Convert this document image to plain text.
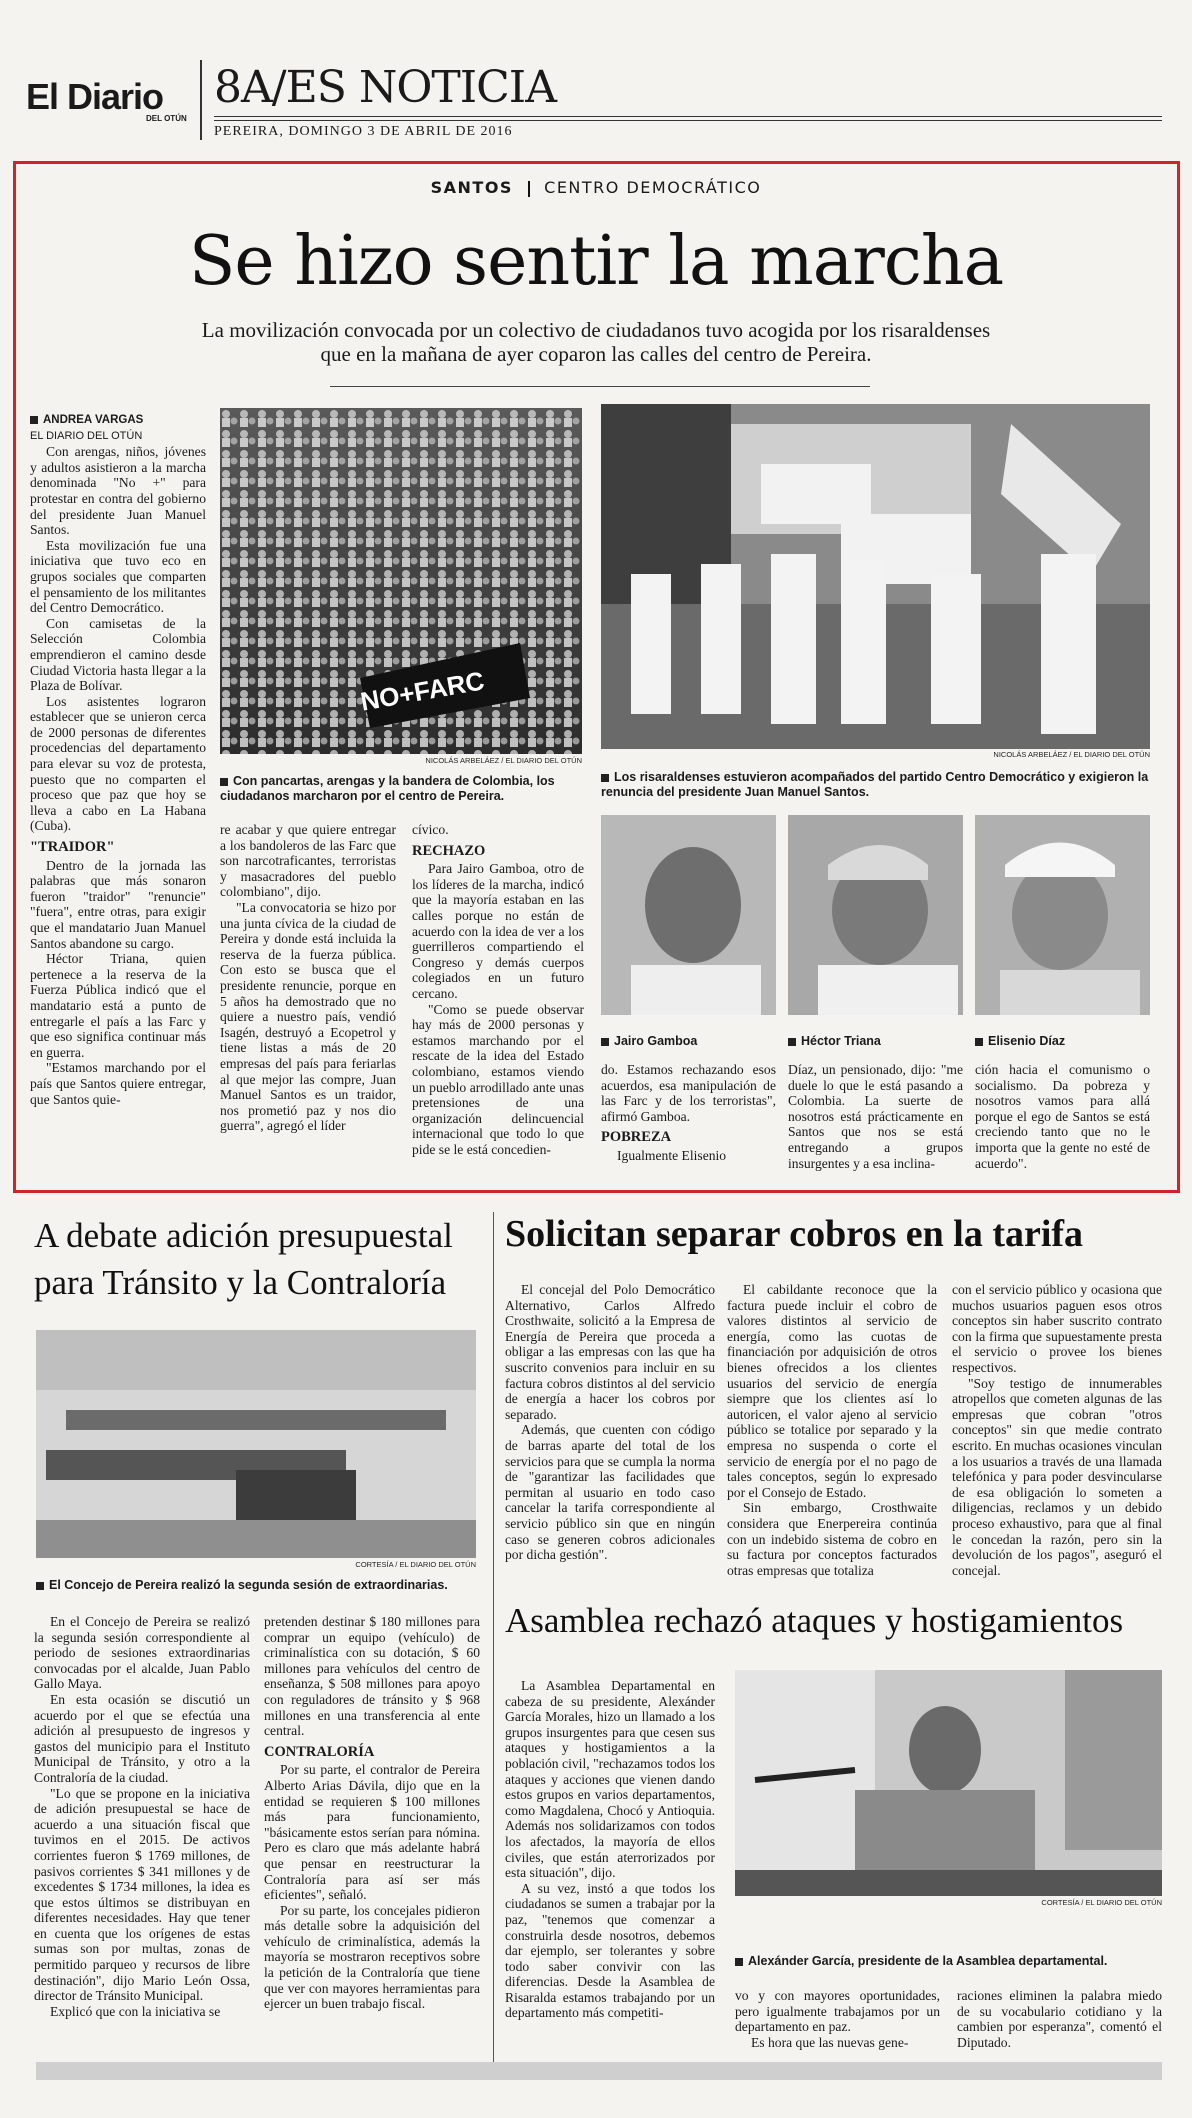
El Diario
DEL OTÚN
8A/ES NOTICIA
PEREIRA, DOMINGO 3 DE ABRIL DE 2016
SANTOS CENTRO DEMOCRÁTICO
Se hizo sentir la marcha
La movilización convocada por un colectivo de ciudadanos tuvo acogida por los risaraldenses
que en la mañana de ayer coparon las calles del centro de Pereira.

ANDREA VARGAS

EL DIARIO DEL OTÚN

Con arengas, niños, jóvenes y adultos asistieron a la marcha denominada "No +" para protestar en contra del gobierno del presidente Juan Manuel Santos.

Esta movilización fue una iniciativa que tuvo eco en grupos sociales que comparten el pensamiento de los militantes del Centro Democrático.

Con camisetas de la Selección Colombia emprendieron el camino desde Ciudad Victoria hasta llegar a la Plaza de Bolívar.

Los asistentes lograron establecer que se unieron cerca de 2000 personas de diferentes procedencias del departamento para elevar su voz de protesta, puesto que no comparten el proceso que paz que hoy se lleva a cabo en La Habana (Cuba).

"TRAIDOR"

Dentro de la jornada las palabras que más sonaron fueron "traidor" "renuncie" "fuera", entre otras, para exigir que el mandatario Juan Manuel Santos abandone su cargo.

Héctor Triana, quien pertenece a la reserva de la Fuerza Pública indicó que el mandatario está a punto de entregarle el país a las Farc y que eso significa continuar más en guerra.

"Estamos marchando por el país que Santos quiere entregar, que Santos quie-

NO+FARC
NICOLÁS ARBELÁEZ / EL DIARIO DEL OTÚN
Con pancartas, arengas y la bandera de Colombia, los ciudadanos marcharon por el centro de Pereira.
NICOLÁS ARBELÁEZ / EL DIARIO DEL OTÚN
Los risaraldenses estuvieron acompañados del partido Centro Democrático y exigieron la renuncia del presidente Juan Manuel Santos.

re acabar y que quiere entregar a los bandoleros de las Farc que son narcotraficantes, terroristas y masacradores del pueblo colombiano", dijo.

"La convocatoria se hizo por una junta cívica de la ciudad de Pereira y donde está incluida la reserva de la fuerza pública. Con esto se busca que el presidente renuncie, porque en 5 años ha demostrado que no quiere a nuestro país, vendió Isagén, destruyó a Ecopetrol y tiene listas a más de 20 empresas del país para feriarlas al que mejor las compre, Juan Manuel Santos es un traidor, nos prometió paz y nos dio guerra", agregó el líder

cívico.

RECHAZO

Para Jairo Gamboa, otro de los líderes de la marcha, indicó que la mayoría estaban en las calles porque no están de acuerdo con la idea de ver a los guerrilleros compartiendo el Congreso y demás cuerpos colegiados en un futuro cercano.

"Como se puede observar hay más de 2000 personas y estamos marchando por el rescate de la idea del Estado colombiano, estamos viendo un pueblo arrodillado ante unas pretensiones de una organización delincuencial internacional que todo lo que pide se le está concedien-

Jairo Gamboa	Héctor Triana	Elisenio Díaz

do. Estamos rechazando esos acuerdos, esa manipulación de las Farc y de los terroristas", afirmó Gamboa.

POBREZA

Igualmente Elisenio

Díaz, un pensionado, dijo: "me duele lo que le está pasando a Colombia. La suerte de nosotros está prácticamente en Santos que nos se está entregando a grupos insurgentes y a esa inclina-

ción hacia el comunismo o socialismo. Da pobreza y nosotros vamos para allá porque el ego de Santos se está creciendo tanto que no le importa que la gente no esté de acuerdo".

A debate adición presupuestal
para Tránsito y la Contraloría
CORTESÍA / EL DIARIO DEL OTÚN
El Concejo de Pereira realizó la segunda sesión de extraordinarias.

En el Concejo de Pereira se realizó la segunda sesión correspondiente al periodo de sesiones extraordinarias convocadas por el alcalde, Juan Pablo Gallo Maya.

En esta ocasión se discutió un acuerdo por el que se efectúa una adición al presupuesto de ingresos y gastos del municipio para el Instituto Municipal de Tránsito, y otro a la Contraloría de la ciudad.

"Lo que se propone en la iniciativa de adición presupuestal se hace de acuerdo a una situación fiscal que tuvimos en el 2015. De activos corrientes fueron $ 1769 millones, de pasivos corrientes $ 341 millones y de excedentes $ 1734 millones, la idea es que estos últimos se distribuyan en diferentes necesidades. Hay que tener en cuenta que los orígenes de estas sumas son por multas, zonas de permitido parqueo y recursos de libre destinación", dijo Mario León Ossa, director de Tránsito Municipal.

Explicó que con la iniciativa se

pretenden destinar $ 180 millones para comprar un equipo (vehículo) de criminalística con su dotación, $ 60 millones para vehículos del centro de enseñanza, $ 508 millones para apoyo con reguladores de tránsito y $ 968 millones en una transferencia al ente central.

CONTRALORÍA

Por su parte, el contralor de Pereira Alberto Arias Dávila, dijo que en la entidad se requieren $ 100 millones más para funcionamiento, "básicamente estos serían para nómina. Pero es claro que más adelante habrá que pensar en reestructurar la Contraloría para así ser más eficientes", señaló.

Por su parte, los concejales pidieron más detalle sobre la adquisición del vehículo de criminalística, además la mayoría se mostraron receptivos sobre la petición de la Contraloría que tiene que ver con mayores herramientas para ejercer un buen trabajo fiscal.

Solicitan separar cobros en la tarifa

El concejal del Polo Democrático Alternativo, Carlos Alfredo Crosthwaite, solicitó a la Empresa de Energía de Pereira que proceda a obligar a las empresas con las que ha suscrito convenios para incluir en su factura cobros distintos al del servicio de energía a hacer los cobros por separado.

Además, que cuenten con código de barras aparte del total de los servicios para que se cumpla la norma de "garantizar las facilidades que permitan al usuario en todo caso cancelar la tarifa correspondiente al servicio público sin que en ningún caso se generen cobros adicionales por dicha gestión".

El cabildante reconoce que la factura puede incluir el cobro de valores distintos al servicio de energía, como las cuotas de financiación por adquisición de otros bienes ofrecidos a los clientes usuarios del servicio de energía siempre que los clientes así lo autoricen, el valor ajeno al servicio público se totalice por separado y la empresa no suspenda o corte el servicio de energía por el no pago de tales conceptos, según lo expresado por el Consejo de Estado.

Sin embargo, Crosthwaite considera que Enerpereira continúa con un indebido sistema de cobro en su factura por conceptos facturados otras empresas que totaliza

con el servicio público y ocasiona que muchos usuarios paguen esos otros conceptos sin haber suscrito contrato con la firma que supuestamente presta el servicio o provee los bienes respectivos.

"Soy testigo de innumerables atropellos que cometen algunas de las empresas que cobran "otros conceptos" sin que medie contrato escrito. En muchas ocasiones vinculan a los usuarios a través de una llamada telefónica y para poder desvincularse de esa obligación lo someten a diligencias, reclamos y un debido proceso exhaustivo, para que al final le concedan la razón, pero sin la devolución de los pagos", aseguró el concejal.

Asamblea rechazó ataques y hostigamientos

La Asamblea Departamental en cabeza de su presidente, Alexánder García Morales, hizo un llamado a los grupos insurgentes para que cesen sus ataques y hostigamientos a la población civil, "rechazamos todos los ataques y acciones que vienen dando estos grupos en varios departamentos, como Magdalena, Chocó y Antioquia. Además nos solidarizamos con todos los afectados, la mayoría de ellos civiles, que están aterrorizados por esta situación", dijo.

A su vez, instó a que todos los ciudadanos se sumen a trabajar por la paz, "tenemos que comenzar a construirla desde nosotros, debemos dar ejemplo, ser tolerantes y sobre todo saber convivir con las diferencias. Desde la Asamblea de Risaralda estamos trabajando por un departamento más competiti-

CORTESÍA / EL DIARIO DEL OTÚN
Alexánder García, presidente de la Asamblea departamental.

vo y con mayores oportunidades, pero igualmente trabajamos por un departamento en paz.

Es hora que las nuevas gene-

raciones eliminen la palabra miedo de su vocabulario cotidiano y la cambien por esperanza", comentó el Diputado.
